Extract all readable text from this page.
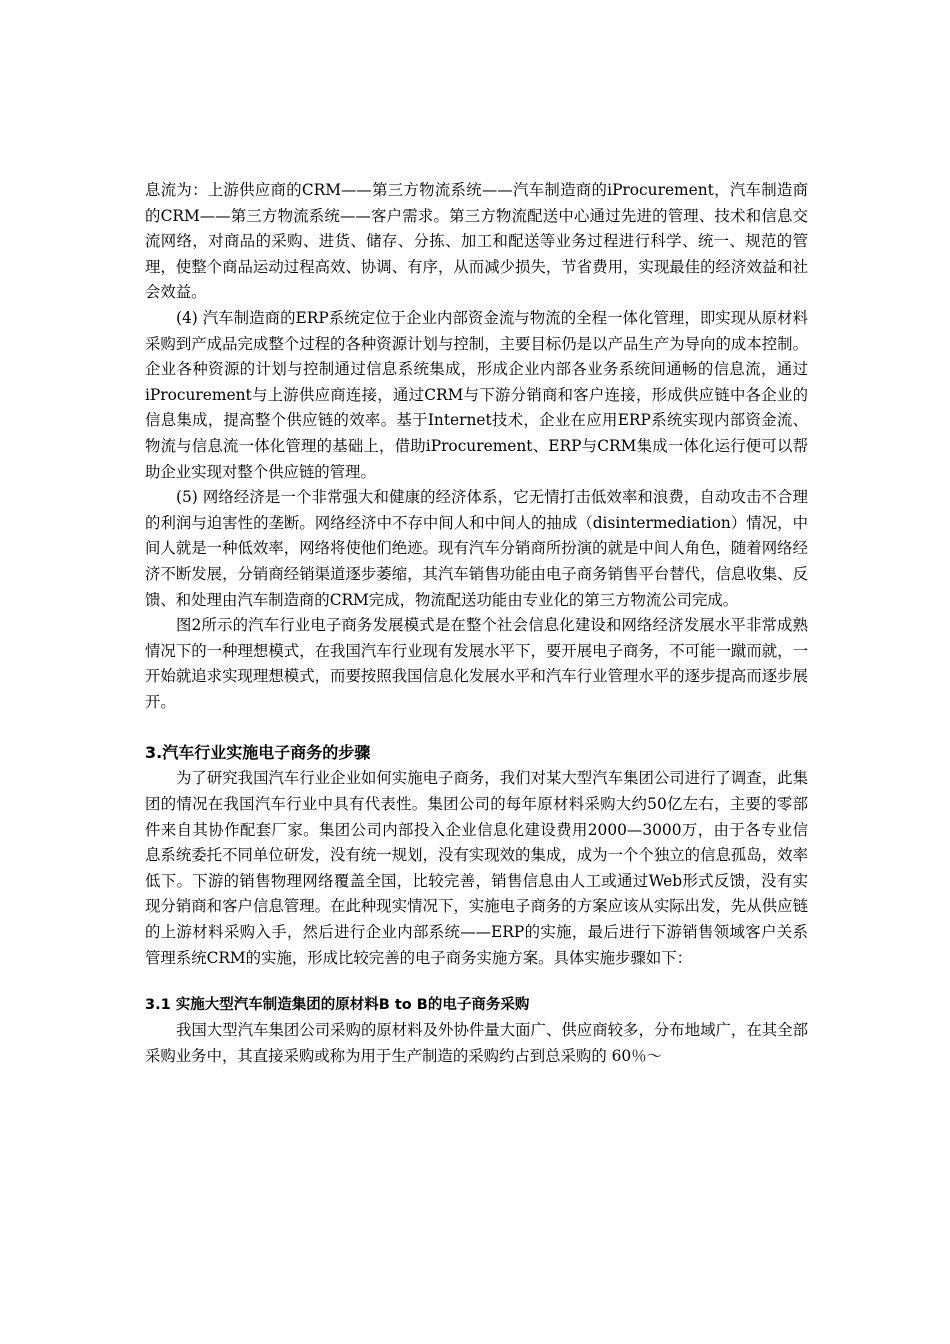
息流为：上游供应商的CRM——第三方物流系统——汽车制造商的iProcurement，汽车制造商的CRM——第三方物流系统——客户需求。第三方物流配送中心通过先进的管理、技术和信息交流网络，对商品的采购、进货、储存、分拣、加工和配送等业务过程进行科学、统一、规范的管理，使整个商品运动过程高效、协调、有序，从而减少损失，节省费用，实现最佳的经济效益和社会效益。

(4) 汽车制造商的ERP系统定位于企业内部资金流与物流的全程一体化管理，即实现从原材料采购到产成品完成整个过程的各种资源计划与控制，主要目标仍是以产品生产为导向的成本控制。企业各种资源的计划与控制通过信息系统集成，形成企业内部各业务系统间通畅的信息流，通过iProcurement与上游供应商连接，通过CRM与下游分销商和客户连接，形成供应链中各企业的信息集成，提高整个供应链的效率。基于Internet技术，企业在应用ERP系统实现内部资金流、物流与信息流一体化管理的基础上，借助iProcurement、ERP与CRM集成一体化运行便可以帮助企业实现对整个供应链的管理。

(5) 网络经济是一个非常强大和健康的经济体系，它无情打击低效率和浪费，自动攻击不合理的利润与迫害性的垄断。网络经济中不存中间人和中间人的抽成（disintermediation）情况，中间人就是一种低效率，网络将使他们绝迹。现有汽车分销商所扮演的就是中间人角色，随着网络经济不断发展，分销商经销渠道逐步萎缩，其汽车销售功能由电子商务销售平台替代，信息收集、反馈、和处理由汽车制造商的CRM完成，物流配送功能由专业化的第三方物流公司完成。

图2所示的汽车行业电子商务发展模式是在整个社会信息化建设和网络经济发展水平非常成熟情况下的一种理想模式，在我国汽车行业现有发展水平下，要开展电子商务，不可能一蹴而就，一开始就追求实现理想模式，而要按照我国信息化发展水平和汽车行业管理水平的逐步提高而逐步展开。

3.汽车行业实施电子商务的步骤

为了研究我国汽车行业企业如何实施电子商务，我们对某大型汽车集团公司进行了调查，此集团的情况在我国汽车行业中具有代表性。集团公司的每年原材料采购大约50亿左右，主要的零部件来自其协作配套厂家。集团公司内部投入企业信息化建设费用2000—3000万，由于各专业信息系统委托不同单位研发，没有统一规划，没有实现效的集成，成为一个个独立的信息孤岛，效率低下。下游的销售物理网络覆盖全国，比较完善，销售信息由人工或通过Web形式反馈，没有实现分销商和客户信息管理。在此种现实情况下，实施电子商务的方案应该从实际出发，先从供应链的上游材料采购入手，然后进行企业内部系统——ERP的实施，最后进行下游销售领域客户关系管理系统CRM的实施，形成比较完善的电子商务实施方案。具体实施步骤如下：

3.1 实施大型汽车制造集团的原材料B to B的电子商务采购

我国大型汽车集团公司采购的原材料及外协件量大面广、供应商较多，分布地域广，在其全部采购业务中，其直接采购或称为用于生产制造的采购约占到总采购的 60％～
